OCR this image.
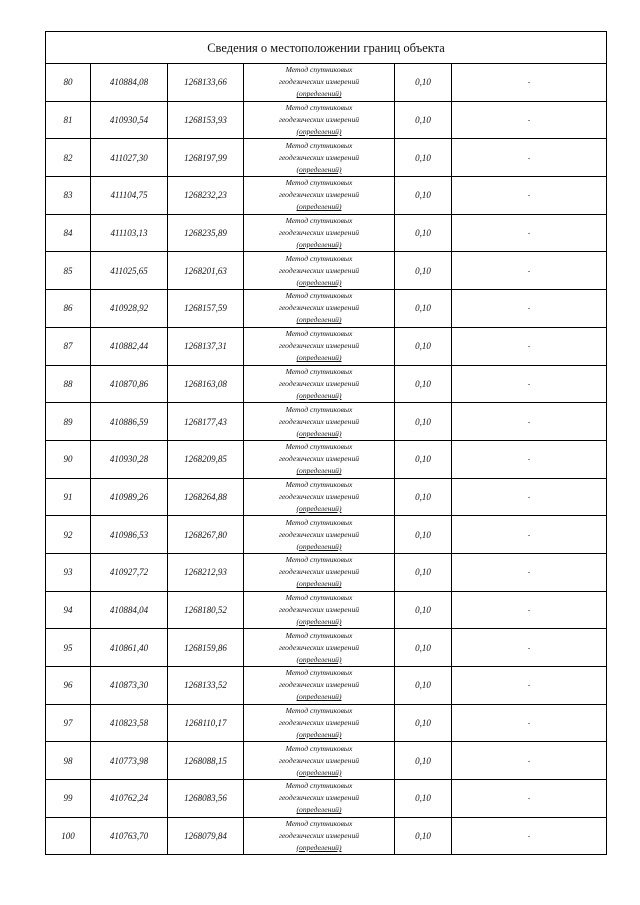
Сведения о местоположении границ объекта					
80	410884,08	1268133,66	Метод спутниковых
геодезических измерений
(определений)	0,10	-
81	410930,54	1268153,93	Метод спутниковых
геодезических измерений
(определений)	0,10	-
82	411027,30	1268197,99	Метод спутниковых
геодезических измерений
(определений)	0,10	-
83	411104,75	1268232,23	Метод спутниковых
геодезических измерений
(определений)	0,10	-
84	411103,13	1268235,89	Метод спутниковых
геодезических измерений
(определений)	0,10	-
85	411025,65	1268201,63	Метод спутниковых
геодезических измерений
(определений)	0,10	-
86	410928,92	1268157,59	Метод спутниковых
геодезических измерений
(определений)	0,10	-
87	410882,44	1268137,31	Метод спутниковых
геодезических измерений
(определений)	0,10	-
88	410870,86	1268163,08	Метод спутниковых
геодезических измерений
(определений)	0,10	-
89	410886,59	1268177,43	Метод спутниковых
геодезических измерений
(определений)	0,10	-
90	410930,28	1268209,85	Метод спутниковых
геодезических измерений
(определений)	0,10	-
91	410989,26	1268264,88	Метод спутниковых
геодезических измерений
(определений)	0,10	-
92	410986,53	1268267,80	Метод спутниковых
геодезических измерений
(определений)	0,10	-
93	410927,72	1268212,93	Метод спутниковых
геодезических измерений
(определений)	0,10	-
94	410884,04	1268180,52	Метод спутниковых
геодезических измерений
(определений)	0,10	-
95	410861,40	1268159,86	Метод спутниковых
геодезических измерений
(определений)	0,10	-
96	410873,30	1268133,52	Метод спутниковых
геодезических измерений
(определений)	0,10	-
97	410823,58	1268110,17	Метод спутниковых
геодезических измерений
(определений)	0,10	-
98	410773,98	1268088,15	Метод спутниковых
геодезических измерений
(определений)	0,10	-
99	410762,24	1268083,56	Метод спутниковых
геодезических измерений
(определений)	0,10	-
100	410763,70	1268079,84	Метод спутниковых
геодезических измерений
(определений)	0,10	-
